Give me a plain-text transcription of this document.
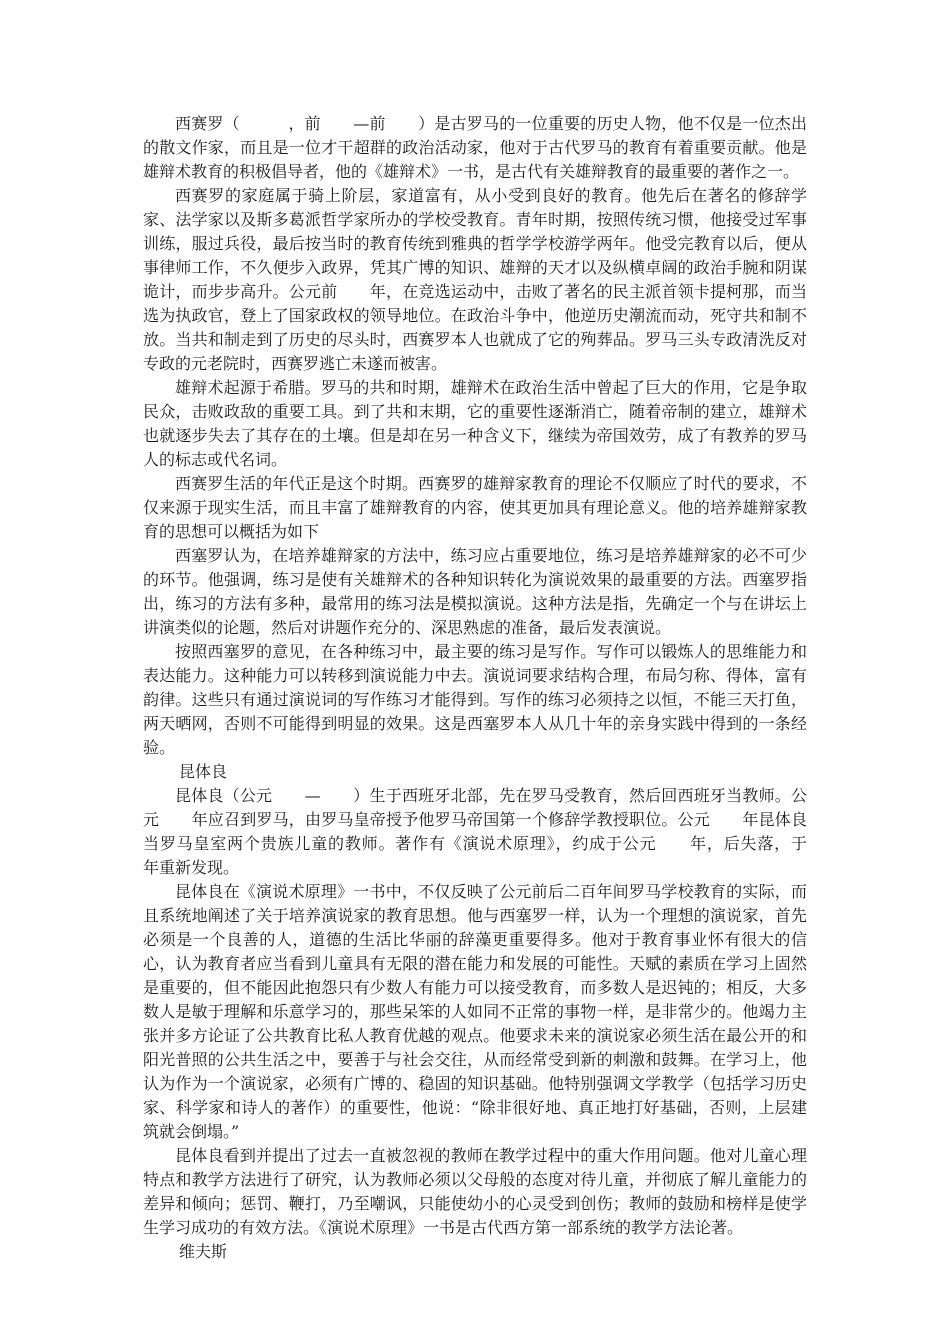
西赛罗（　　　，前　　—前　　）是古罗马的一位重要的历史人物，他不仅是一位杰出的散文作家，而且是一位才干超群的政治活动家，他对于古代罗马的教育有着重要贡献。他是雄辩术教育的积极倡导者，他的《雄辩术》一书，是古代有关雄辩教育的最重要的著作之一。

西赛罗的家庭属于骑上阶层，家道富有，从小受到良好的教育。他先后在著名的修辞学家、法学家以及斯多葛派哲学家所办的学校受教育。青年时期，按照传统习惯，他接受过军事训练，服过兵役，最后按当时的教育传统到雅典的哲学学校游学两年。他受完教育以后，便从事律师工作，不久便步入政界，凭其广博的知识、雄辩的天才以及纵横卓阔的政治手腕和阴谋诡计，而步步高升。公元前　　年，在竞选运动中，击败了著名的民主派首领卡提柯那，而当选为执政官，登上了国家政权的领导地位。在政治斗争中，他逆历史潮流而动，死守共和制不放。当共和制走到了历史的尽头时，西赛罗本人也就成了它的殉葬品。罗马三头专政清洗反对专政的元老院时，西赛罗逃亡未遂而被害。

雄辩术起源于希腊。罗马的共和时期，雄辩术在政治生活中曾起了巨大的作用，它是争取民众，击败政敌的重要工具。到了共和末期，它的重要性逐渐消亡，随着帝制的建立，雄辩术也就逐步失去了其存在的土壤。但是却在另一种含义下，继续为帝国效劳，成了有教养的罗马人的标志或代名词。

西赛罗生活的年代正是这个时期。西赛罗的雄辩家教育的理论不仅顺应了时代的要求，不仅来源于现实生活，而且丰富了雄辩教育的内容，使其更加具有理论意义。他的培养雄辩家教育的思想可以概括为如下

西塞罗认为，在培养雄辩家的方法中，练习应占重要地位，练习是培养雄辩家的必不可少的环节。他强调，练习是使有关雄辩术的各种知识转化为演说效果的最重要的方法。西塞罗指出，练习的方法有多种，最常用的练习法是模拟演说。这种方法是指，先确定一个与在讲坛上讲演类似的论题，然后对讲题作充分的、深思熟虑的准备，最后发表演说。

按照西塞罗的意见，在各种练习中，最主要的练习是写作。写作可以锻炼人的思维能力和表达能力。这种能力可以转移到演说能力中去。演说词要求结构合理，布局匀称、得体，富有韵律。这些只有通过演说词的写作练习才能得到。写作的练习必须持之以恒，不能三天打鱼，两天晒网，否则不可能得到明显的效果。这是西塞罗本人从几十年的亲身实践中得到的一条经验。

昆体良

昆体良（公元　　—　　）生于西班牙北部，先在罗马受教育，然后回西班牙当教师。公元　　年应召到罗马，由罗马皇帝授予他罗马帝国第一个修辞学教授职位。公元　　年昆体良当罗马皇室两个贵族儿童的教师。著作有《演说术原理》，约成于公元　　年，后失落，于　　年重新发现。

昆体良在《演说术原理》一书中，不仅反映了公元前后二百年间罗马学校教育的实际，而且系统地阐述了关于培养演说家的教育思想。他与西塞罗一样，认为一个理想的演说家，首先必须是一个良善的人，道德的生活比华丽的辞藻更重要得多。他对于教育事业怀有很大的信心，认为教育者应当看到儿童具有无限的潜在能力和发展的可能性。天赋的素质在学习上固然是重要的，但不能因此抱怨只有少数人有能力可以接受教育，而多数人是迟钝的；相反，大多数人是敏于理解和乐意学习的，那些呆笨的人如同不正常的事物一样，是非常少的。他竭力主张并多方论证了公共教育比私人教育优越的观点。他要求未来的演说家必须生活在最公开的和阳光普照的公共生活之中，要善于与社会交往，从而经常受到新的刺激和鼓舞。在学习上，他认为作为一个演说家，必须有广博的、稳固的知识基础。他特别强调文学教学（包括学习历史家、科学家和诗人的著作）的重要性，他说：“除非很好地、真正地打好基础，否则，上层建筑就会倒塌。”

昆体良看到并提出了过去一直被忽视的教师在教学过程中的重大作用问题。他对儿童心理特点和教学方法进行了研究，认为教师必须以父母般的态度对待儿童，并彻底了解儿童能力的差异和倾向；惩罚、鞭打，乃至嘲讽，只能使幼小的心灵受到创伤；教师的鼓励和榜样是使学生学习成功的有效方法。《演说术原理》一书是古代西方第一部系统的教学方法论著。

维夫斯
